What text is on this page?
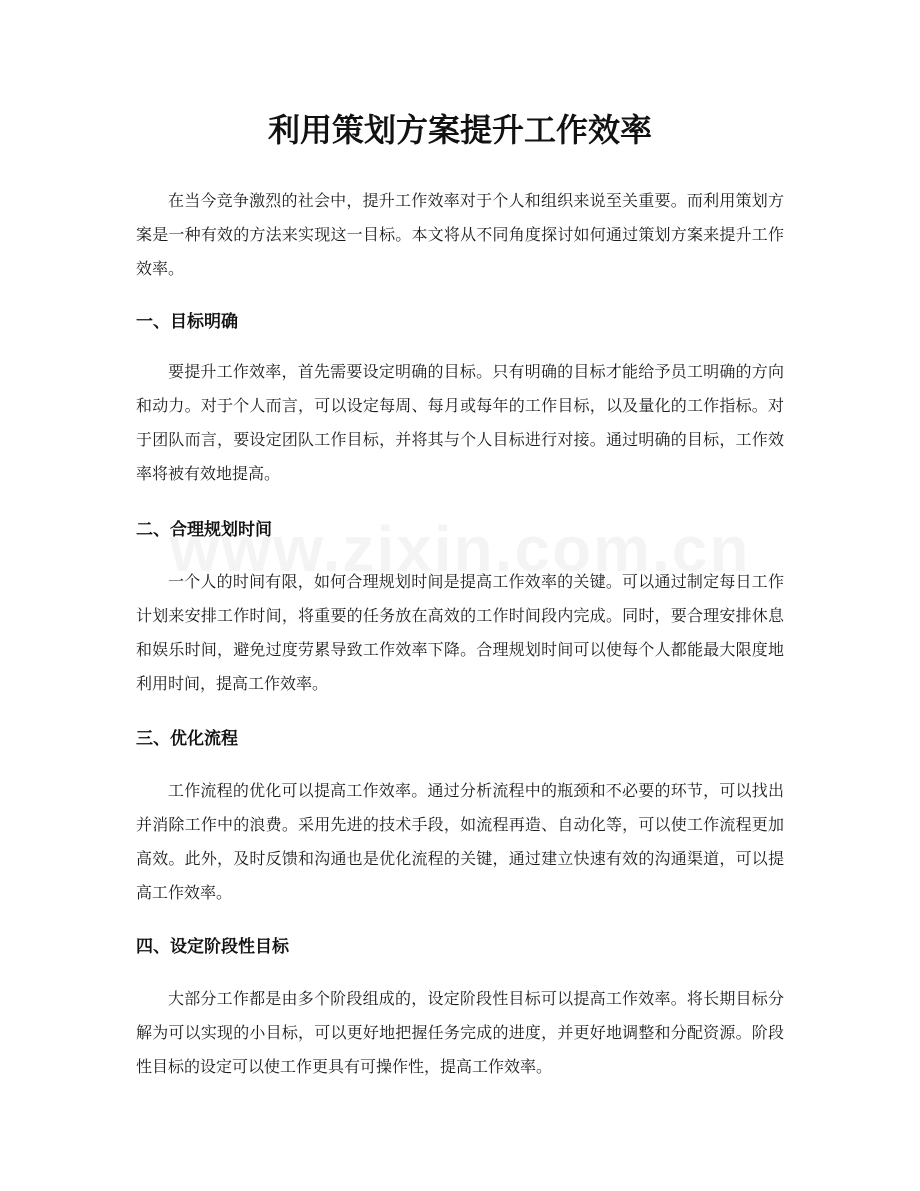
利用策划方案提升工作效率

在当今竞争激烈的社会中，提升工作效率对于个人和组织来说至关重要。而利用策划方案是一种有效的方法来实现这一目标。本文将从不同角度探讨如何通过策划方案来提升工作效率。

一、目标明确

要提升工作效率，首先需要设定明确的目标。只有明确的目标才能给予员工明确的方向和动力。对于个人而言，可以设定每周、每月或每年的工作目标，以及量化的工作指标。对于团队而言，要设定团队工作目标，并将其与个人目标进行对接。通过明确的目标，工作效率将被有效地提高。

二、合理规划时间

一个人的时间有限，如何合理规划时间是提高工作效率的关键。可以通过制定每日工作计划来安排工作时间，将重要的任务放在高效的工作时间段内完成。同时，要合理安排休息和娱乐时间，避免过度劳累导致工作效率下降。合理规划时间可以使每个人都能最大限度地利用时间，提高工作效率。

三、优化流程

工作流程的优化可以提高工作效率。通过分析流程中的瓶颈和不必要的环节，可以找出并消除工作中的浪费。采用先进的技术手段，如流程再造、自动化等，可以使工作流程更加高效。此外，及时反馈和沟通也是优化流程的关键，通过建立快速有效的沟通渠道，可以提高工作效率。

四、设定阶段性目标

大部分工作都是由多个阶段组成的，设定阶段性目标可以提高工作效率。将长期目标分解为可以实现的小目标，可以更好地把握任务完成的进度，并更好地调整和分配资源。阶段性目标的设定可以使工作更具有可操作性，提高工作效率。
